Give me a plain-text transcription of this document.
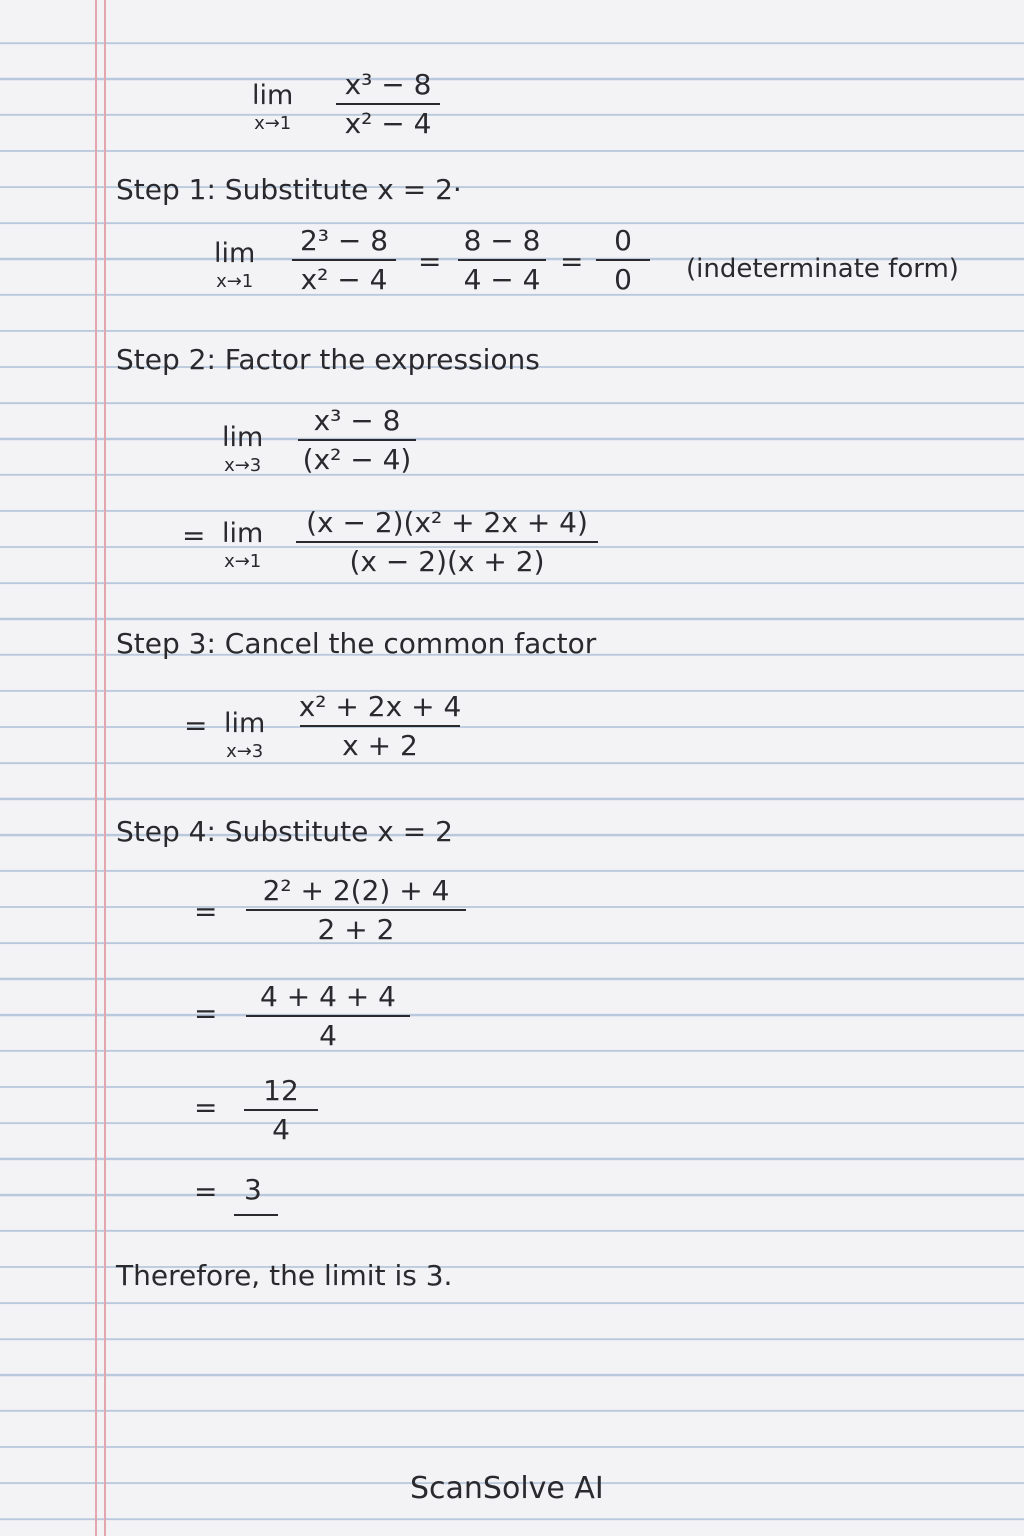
lim
x→1
x³ − 8
x² − 4
Step 1: Substitute x = 2·
lim
x→1
2³ − 8
x² − 4
=
8 − 8
4 − 4
=
0
0 (indeterminate form)
Step 2: Factor the expressions
lim
x→3
x³ − 8
(x² − 4)
= lim
x→1
(x − 2)(x² + 2x + 4)
(x − 2)(x + 2)
Step 3: Cancel the common factor
= lim
x→3
x² + 2x + 4
x + 2
Step 4: Substitute x = 2
=
2² + 2(2) + 4
2 + 2
=
4 + 4 + 4
4
=
12
4
= 3
Therefore, the limit is 3.
ScanSolve AI
